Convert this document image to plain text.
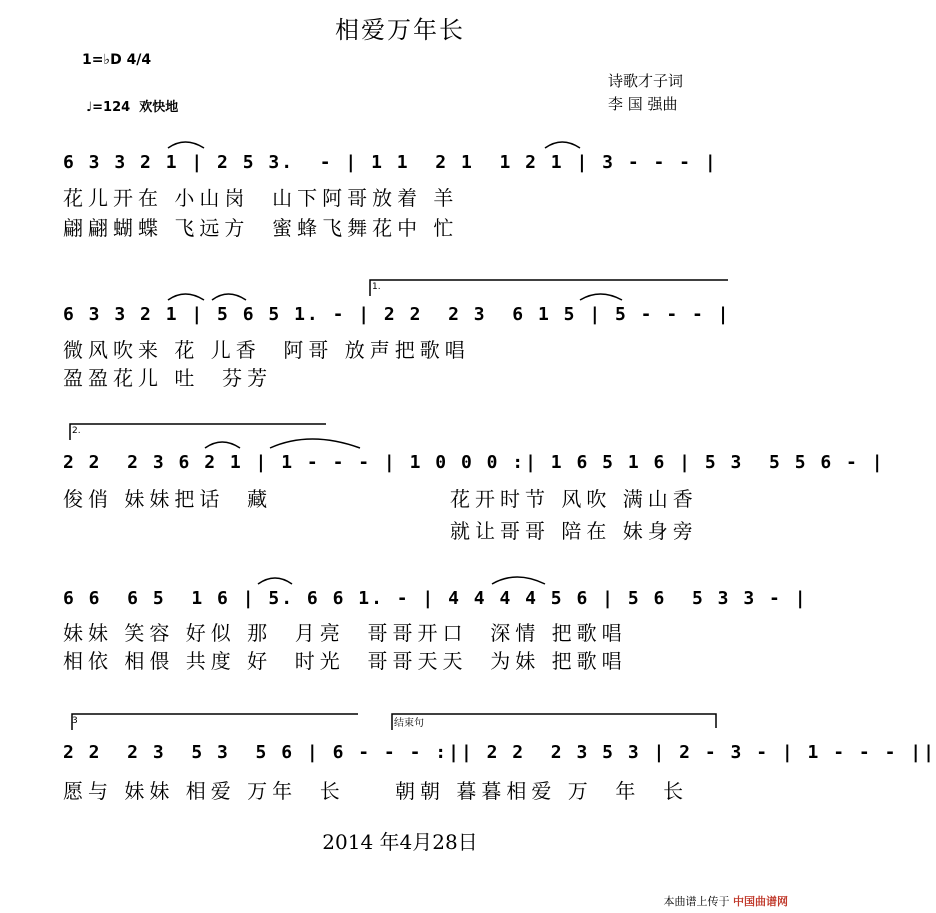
相爱万年长
1=♭D 4/4
♩=124  欢快地
诗歌才子词
李 国 强曲
6 3 3 2 1 | 2 5 3.  - | 1 1  2 1  1 2 1 | 3 - - - |
花儿开在 小山岗  山下阿哥放着 羊
翩翩蝴蝶 飞远方  蜜蜂飞舞花中 忙
1.
6 3 3 2 1 | 5 6 5 1. - | 2 2  2 3  6 1 5 | 5 - - - |
微风吹来 花 儿香  阿哥 放声把歌唱
盈盈花儿 吐  芬芳
2.
2 2  2 3 6 2 1 | 1 - - - | 1 0 0 0 :| 1 6 5 1 6 | 5 3  5 5 6 - |
俊俏 妹妹把话  藏	花开时节 风吹 满山香
就让哥哥 陪在 妹身旁
6 6  6 5  1 6 | 5. 6 6 1. - | 4 4 4 4 5 6 | 5 6  5 3 3 - |
妹妹 笑容 好似 那  月亮  哥哥开口  深情 把歌唱
相依 相偎 共度 好  时光  哥哥天天  为妹 把歌唱
3	结束句
2 2  2 3  5 3  5 6 | 6 - - - :|| 2 2  2 3 5 3 | 2 - 3 - | 1 - - - ||
愿与 妹妹 相爱 万年  长	朝朝 暮暮相爱 万  年  长
2014 年4月28日
本曲谱上传于 中国曲谱网
